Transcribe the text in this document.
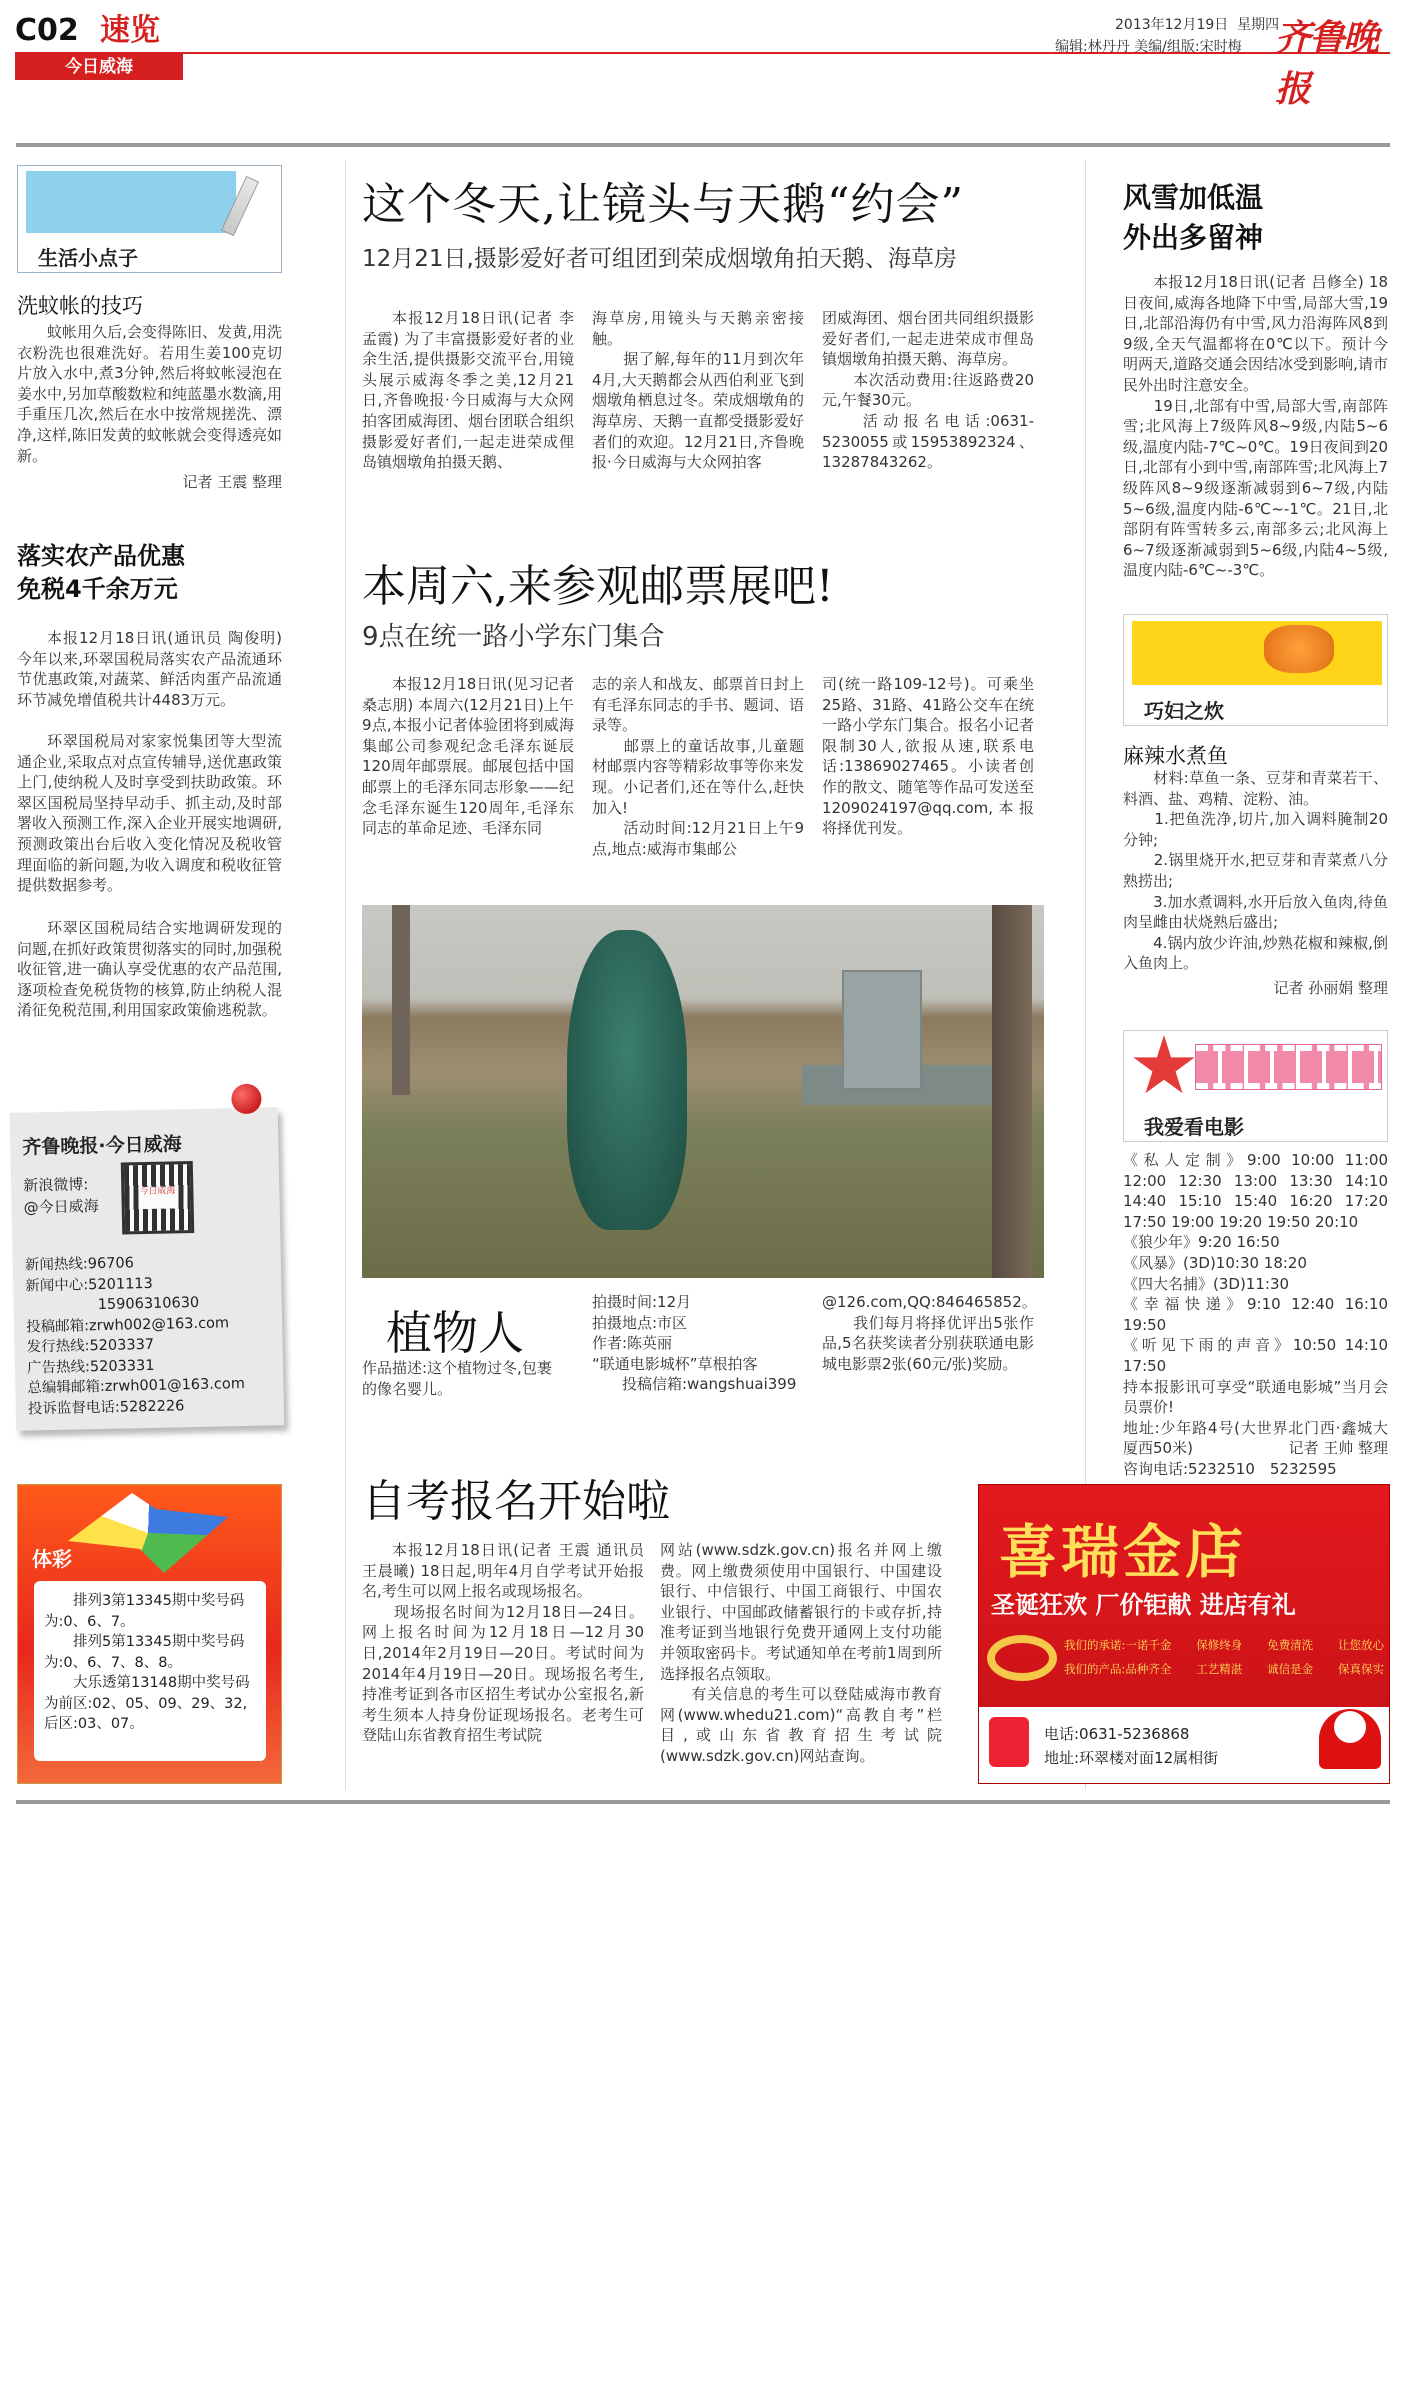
C02 速览
今日威海
2013年12月19日 星期四
编辑:林丹丹 美编/组版:宋时梅 齐鲁晚报
生活小点子
洗蚊帐的技巧
蚊帐用久后,会变得陈旧、发黄,用洗衣粉洗也很难洗好。若用生姜100克切片放入水中,煮3分钟,然后将蚊帐浸泡在姜水中,另加草酸数粒和纯蓝墨水数滴,用手重压几次,然后在水中按常规搓洗、漂净,这样,陈旧发黄的蚊帐就会变得透亮如新。
记者 王震 整理
落实农产品优惠
免税4千余万元
本报12月18日讯(通讯员 陶俊明) 今年以来,环翠国税局落实农产品流通环节优惠政策,对蔬菜、鲜活肉蛋产品流通环节减免增值税共计4483万元。
环翠国税局对家家悦集团等大型流通企业,采取点对点宣传辅导,送优惠政策上门,使纳税人及时享受到扶助政策。环翠区国税局坚持早动手、抓主动,及时部署收入预测工作,深入企业开展实地调研,预测政策出台后收入变化情况及税收管理面临的新问题,为收入调度和税收征管提供数据参考。
环翠区国税局结合实地调研发现的问题,在抓好政策贯彻落实的同时,加强税收征管,进一确认享受优惠的农产品范围,逐项检查免税货物的核算,防止纳税人混淆征免税范围,利用国家政策偷逃税款。
齐鲁晚报·今日威海
新浪微博:
@今日威海
今日威海
新闻热线:96706
新闻中心:5201113
15906310630
投稿邮箱:zrwh002@163.com
发行热线:5203337
广告热线:5203331
总编辑邮箱:zrwh001@163.com
投诉监督电话:5282226
体彩
排列3第13345期中奖号码为:0、6、7。
排列5第13345期中奖号码为:0、6、7、8、8。
大乐透第13148期中奖号码为前区:02、05、09、29、32,后区:03、07。
这个冬天,让镜头与天鹅“约会”
12月21日,摄影爱好者可组团到荣成烟墩角拍天鹅、海草房
本报12月18日讯(记者 李孟霞) 为了丰富摄影爱好者的业余生活,提供摄影交流平台,用镜头展示威海冬季之美,12月21日,齐鲁晚报·今日威海与大众网拍客团威海团、烟台团联合组织摄影爱好者们,一起走进荣成俚岛镇烟墩角拍摄天鹅、
海草房,用镜头与天鹅亲密接触。
　　据了解,每年的11月到次年4月,大天鹅都会从西伯利亚飞到烟墩角栖息过冬。荣成烟墩角的海草房、天鹅一直都受摄影爱好者们的欢迎。12月21日,齐鲁晚报·今日威海与大众网拍客
团威海团、烟台团共同组织摄影爱好者们,一起走进荣成市俚岛镇烟墩角拍摄天鹅、海草房。
　　本次活动费用:往返路费20元,午餐30元。
　　活动报名电话:0631-5230055或15953892324、13287843262。
本周六,来参观邮票展吧!
9点在统一路小学东门集合
本报12月18日讯(见习记者 桑志朋) 本周六(12月21日)上午9点,本报小记者体验团将到威海集邮公司参观纪念毛泽东诞辰120周年邮票展。邮展包括中国邮票上的毛泽东同志形象——纪念毛泽东诞生120周年,毛泽东同志的革命足迹、毛泽东同
志的亲人和战友、邮票首日封上有毛泽东同志的手书、题词、语录等。
　　邮票上的童话故事,儿童题材邮票内容等精彩故事等你来发现。小记者们,还在等什么,赶快加入!
　　活动时间:12月21日上午9点,地点:威海市集邮公
司(统一路109-12号)。可乘坐25路、31路、41路公交车在统一路小学东门集合。报名小记者限制30人,欲报从速,联系电话:13869027465。小读者创作的散文、随笔等作品可发送至1209024197@qq.com,本报将择优刊发。
植物人
作品描述:这个植物过冬,包裹的像名婴儿。
拍摄时间:12月
拍摄地点:市区
作者:陈英丽
“联通电影城杯”草根拍客
投稿信箱:wangshuai399
@126.com,QQ:846465852。
　　我们每月将择优评出5张作品,5名获奖读者分别获联通电影城电影票2张(60元/张)奖励。
自考报名开始啦
本报12月18日讯(记者 王震 通讯员 王晨曦) 18日起,明年4月自学考试开始报名,考生可以网上报名或现场报名。
　　现场报名时间为12月18日—24日。网上报名时间为12月18日—12月30日,2014年2月19日—20日。考试时间为2014年4月19日—20日。现场报名考生,持准考证到各市区招生考试办公室报名,新考生须本人持身份证现场报名。老考生可登陆山东省教育招生考试院
网站(www.sdzk.gov.cn)报名并网上缴费。网上缴费须使用中国银行、中国建设银行、中信银行、中国工商银行、中国农业银行、中国邮政储蓄银行的卡或存折,持准考证到当地银行免费开通网上支付功能并领取密码卡。考试通知单在考前1周到所选择报名点领取。
　　有关信息的考生可以登陆威海市教育网(www.whedu21.com)“高教自考”栏目,或山东省教育招生考试院(www.sdzk.gov.cn)网站查询。
风雪加低温
外出多留神
本报12月18日讯(记者 吕修全) 18日夜间,威海各地降下中雪,局部大雪,19日,北部沿海仍有中雪,风力沿海阵风8到9级,全天气温都将在0℃以下。预计今明两天,道路交通会因结冰受到影响,请市民外出时注意安全。
　　19日,北部有中雪,局部大雪,南部阵雪;北风海上7级阵风8~9级,内陆5~6级,温度内陆-7℃~0℃。19日夜间到20日,北部有小到中雪,南部阵雪;北风海上7级阵风8~9级逐渐减弱到6~7级,内陆5~6级,温度内陆-6℃~-1℃。21日,北部阴有阵雪转多云,南部多云;北风海上6~7级逐渐减弱到5~6级,内陆4~5级,温度内陆-6℃~-3℃。
巧妇之炊
麻辣水煮鱼
材料:草鱼一条、豆芽和青菜若干、料酒、盐、鸡精、淀粉、油。
　　1.把鱼洗净,切片,加入调料腌制20分钟;
　　2.锅里烧开水,把豆芽和青菜煮八分熟捞出;
　　3.加水煮调料,水开后放入鱼肉,待鱼肉呈雌由状烧熟后盛出;
　　4.锅内放少许油,炒熟花椒和辣椒,倒入鱼肉上。
记者 孙丽娟 整理
我爱看电影
《私人定制》9:00 10:00 11:00 12:00 12:30 13:00 13:30 14:10 14:40 15:10 15:40 16:20 17:20 17:50 19:00 19:20 19:50 20:10
《狼少年》9:20 16:50
《风暴》(3D)10:30 18:20
《四大名捕》(3D)11:30
《幸福快递》9:10 12:40 16:10 19:50
《听见下雨的声音》10:50 14:10 17:50
持本报影讯可享受“联通电影城”当月会员票价!
地址:少年路4号(大世界北门西·鑫城大厦西50米)
咨询电话:5232510　5232595
记者 王帅 整理
喜瑞金店
圣诞狂欢 厂价钜献 进店有礼
我们的承诺:一诺千金 保修终身 免费清洗 让您放心
我们的产品:品种齐全 工艺精湛 诚信是金 保真保实
电话:0631-5236868
地址:环翠楼对面12属相街
